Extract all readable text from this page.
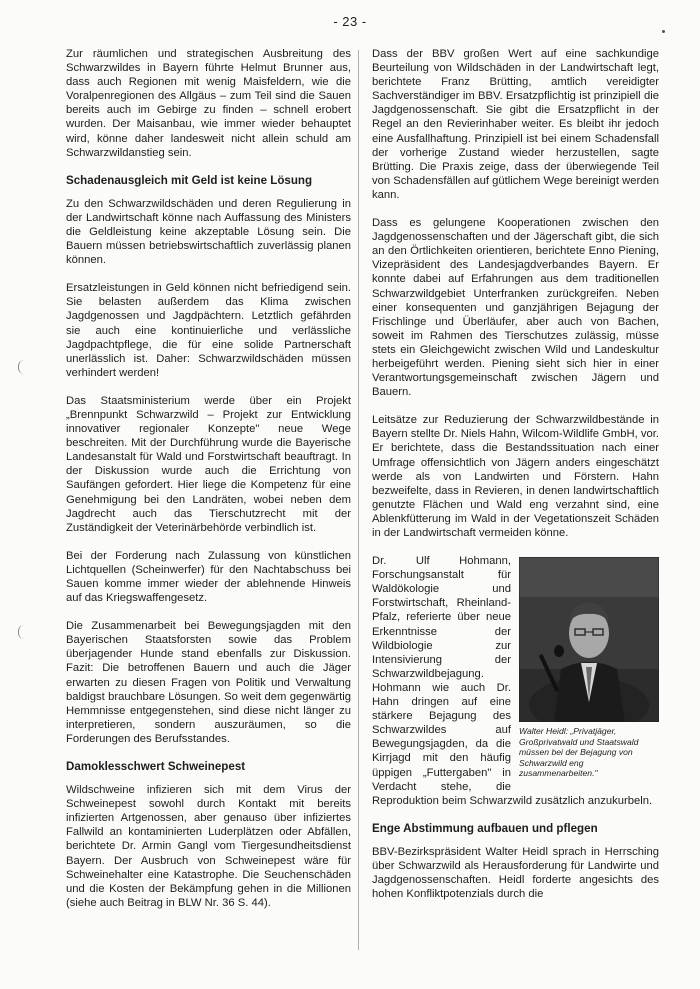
- 23 -

Zur räumlichen und strategischen Ausbreitung des Schwarzwildes in Bayern führte Helmut Brunner aus, dass auch Regionen mit wenig Maisfeldern, wie die Voralpenregionen des Allgäus – zum Teil sind die Sauen bereits auch im Gebirge zu finden – schnell erobert wurden. Der Maisanbau, wie immer wieder behauptet wird, könne daher landesweit nicht allein schuld am Schwarzwildanstieg sein.

Schadenausgleich mit Geld ist keine Lösung

Zu den Schwarzwildschäden und deren Regulierung in der Landwirtschaft könne nach Auffassung des Ministers die Geldleistung keine akzeptable Lösung sein. Die Bauern müssen betriebswirtschaftlich zuverlässig planen können.

Ersatzleistungen in Geld können nicht befriedigend sein. Sie belasten außerdem das Klima zwischen Jagdgenossen und Jagdpächtern. Letztlich gefährden sie auch eine kontinuierliche und verlässliche Jagdpachtpflege, die für eine solide Partnerschaft unerlässlich ist. Daher: Schwarzwildschäden müssen verhindert werden!

Das Staatsministerium werde über ein Projekt „Brennpunkt Schwarzwild – Projekt zur Entwicklung innovativer regionaler Konzepte" neue Wege beschreiten. Mit der Durchführung wurde die Bayerische Landesanstalt für Wald und Forstwirtschaft beauftragt. In der Diskussion wurde auch die Errichtung von Saufängen gefordert. Hier liege die Kompetenz für eine Genehmigung bei den Landräten, wobei neben dem Jagdrecht auch das Tierschutzrecht mit der Zuständigkeit der Veterinärbehörde verbindlich ist.

Bei der Forderung nach Zulassung von künstlichen Lichtquellen (Scheinwerfer) für den Nachtabschuss bei Sauen komme immer wieder der ablehnende Hinweis auf das Kriegswaffengesetz.

Die Zusammenarbeit bei Bewegungsjagden mit den Bayerischen Staatsforsten sowie das Problem überjagender Hunde stand ebenfalls zur Diskussion. Fazit: Die betroffenen Bauern und auch die Jäger erwarten zu diesen Fragen von Politik und Verwaltung baldigst brauchbare Lösungen. So weit dem gegenwärtig Hemmnisse entgegenstehen, sind diese nicht länger zu interpretieren, sondern auszuräumen, so die Forderungen des Berufsstandes.

Damoklesschwert Schweinepest

Wildschweine infizieren sich mit dem Virus der Schweinepest sowohl durch Kontakt mit bereits infizierten Artgenossen, aber genauso über infiziertes Fallwild an kontaminierten Luderplätzen oder Abfällen, berichtete Dr. Armin Gangl vom Tiergesundheitsdienst Bayern. Der Ausbruch von Schweinepest wäre für Schweinehalter eine Katastrophe. Die Seuchenschäden und die Kosten der Bekämpfung gehen in die Millionen (siehe auch Beitrag in BLW Nr. 36 S. 44).

Dass der BBV großen Wert auf eine sachkundige Beurteilung von Wildschäden in der Landwirtschaft legt, berichtete Franz Brütting, amtlich vereidigter Sachverständiger im BBV. Ersatzpflichtig ist prinzipiell die Jagdgenossenschaft. Sie gibt die Ersatzpflicht in der Regel an den Revierinhaber weiter. Es bleibt ihr jedoch eine Ausfallhaftung. Prinzipiell ist bei einem Schadensfall der vorherige Zustand wieder herzustellen, sagte Brütting. Die Praxis zeige, dass der überwiegende Teil von Schadensfällen auf gütlichem Wege bereinigt werden kann.

Dass es gelungene Kooperationen zwischen den Jagdgenossenschaften und der Jägerschaft gibt, die sich an den Örtlichkeiten orientieren, berichtete Enno Piening, Vizepräsident des Landesjagdverbandes Bayern. Er konnte dabei auf Erfahrungen aus dem traditionellen Schwarzwildgebiet Unterfranken zurückgreifen. Neben einer konsequenten und ganzjährigen Bejagung der Frischlinge und Überläufer, aber auch von Bachen, soweit im Rahmen des Tierschutzes zulässig, müsse stets ein Gleichgewicht zwischen Wild und Landeskultur herbeigeführt werden. Piening sieht sich hier in einer Verantwortungsgemeinschaft zwischen Jägern und Bauern.

Leitsätze zur Reduzierung der Schwarzwildbestände in Bayern stellte Dr. Niels Hahn, Wilcom-Wildlife GmbH, vor. Er berichtete, dass die Bestandssituation nach einer Umfrage offensichtlich von Jägern anders eingeschätzt werde als von Landwirten und Förstern. Hahn bezweifelte, dass in Revieren, in denen landwirtschaftlich genutzte Flächen und Wald eng verzahnt sind, eine Ablenkfütterung im Wald in der Vegetationszeit Schäden in der Landwirtschaft vermeiden könne.

Walter Heidl: „Privatjäger, Großprivatwald und Staatswald müssen bei der Bejagung von Schwarzwild eng zusammenarbeiten."
Dr. Ulf Hohmann, Forschungsanstalt für Waldökologie und Forstwirtschaft, Rheinland-Pfalz, referierte über neue Erkenntnisse der Wildbiologie zur Intensivierung der Schwarzwildbejagung. Hohmann wie auch Dr. Hahn dringen auf eine stärkere Bejagung des Schwarzwildes auf Bewegungsjagden, da die Kirrjagd mit den häufig üppigen „Futtergaben" in Verdacht stehe, die Reproduktion beim Schwarzwild zusätzlich anzukurbeln.

Enge Abstimmung aufbauen und pflegen

BBV-Bezirkspräsident Walter Heidl sprach in Herrsching über Schwarzwild als Herausforderung für Landwirte und Jagdgenossenschaften. Heidl forderte angesichts des hohen Konfliktpotenzials durch die
